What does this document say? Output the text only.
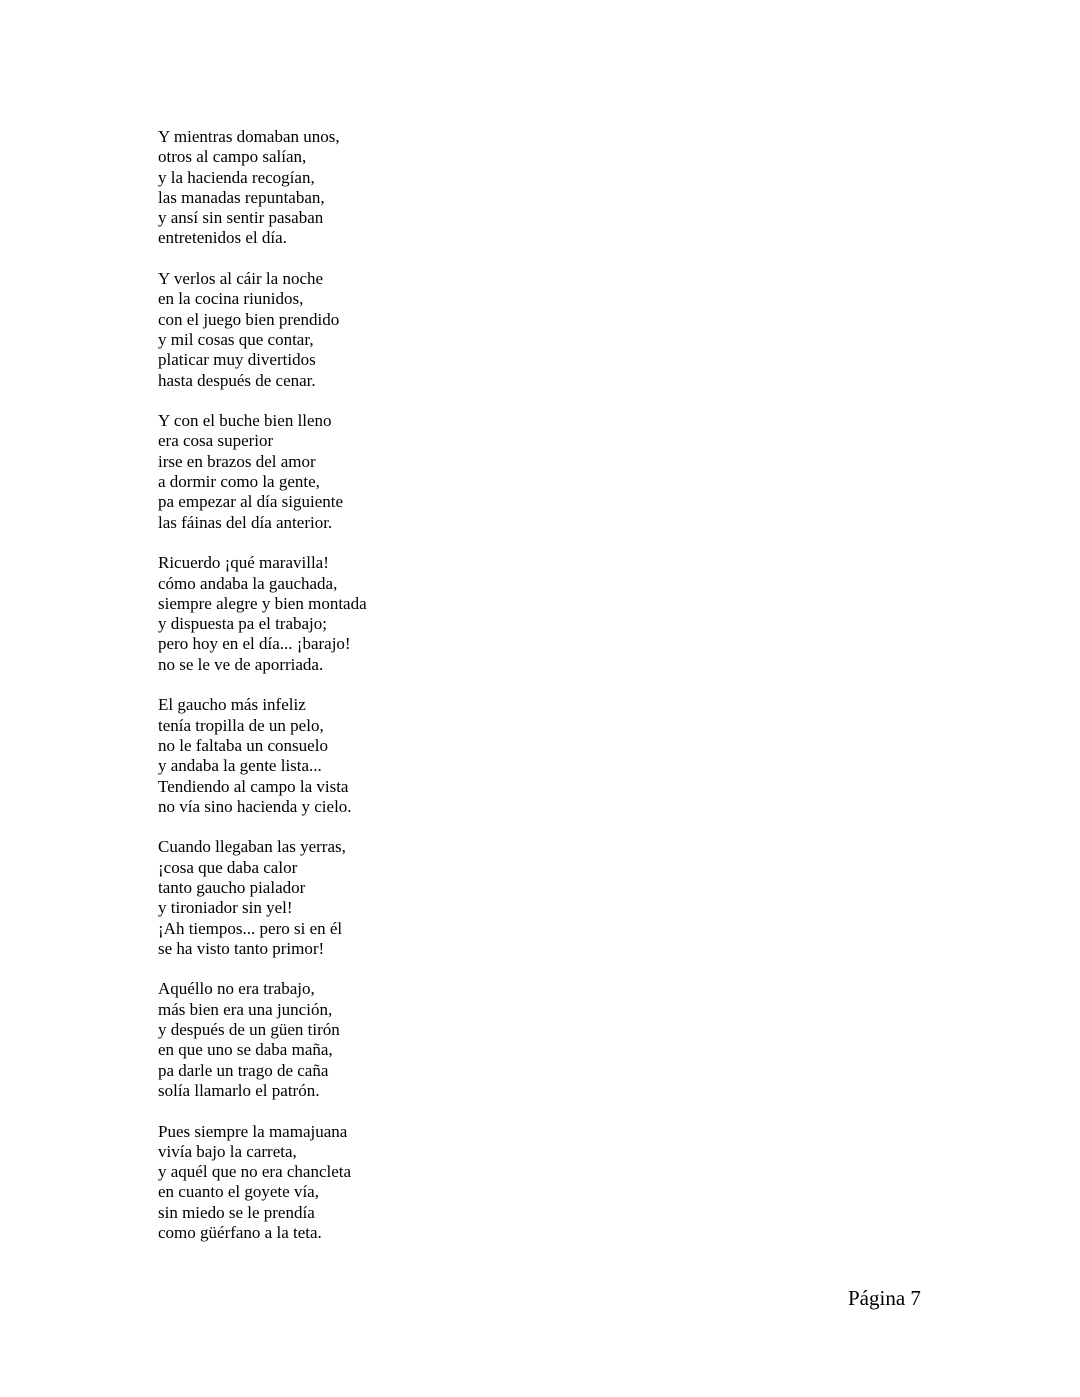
Y mientras domaban unos,
otros al campo salían,
y la hacienda recogían,
las manadas repuntaban,
y ansí sin sentir pasaban
entretenidos el día.
Y verlos al cáir la noche
en la cocina riunidos,
con el juego bien prendido
y mil cosas que contar,
platicar muy divertidos
hasta después de cenar.
Y con el buche bien lleno
era cosa superior
irse en brazos del amor
a dormir como la gente,
pa empezar al día siguiente
las fáinas del día anterior.
Ricuerdo ¡qué maravilla!
cómo andaba la gauchada,
siempre alegre y bien montada
y dispuesta pa el trabajo;
pero hoy en el día... ¡barajo!
no se le ve de aporriada.
El gaucho más infeliz
tenía tropilla de un pelo,
no le faltaba un consuelo
y andaba la gente lista...
Tendiendo al campo la vista
no vía sino hacienda y cielo.
Cuando llegaban las yerras,
¡cosa que daba calor
tanto gaucho pialador
y tironiador sin yel!
¡Ah tiempos... pero si en él
se ha visto tanto primor!
Aquéllo no era trabajo,
más bien era una junción,
y después de un güen tirón
en que uno se daba maña,
pa darle un trago de caña
solía llamarlo el patrón.
Pues siempre la mamajuana
vivía bajo la carreta,
y aquél que no era chancleta
en cuanto el goyete vía,
sin miedo se le prendía
como güérfano a la teta.
Página 7
